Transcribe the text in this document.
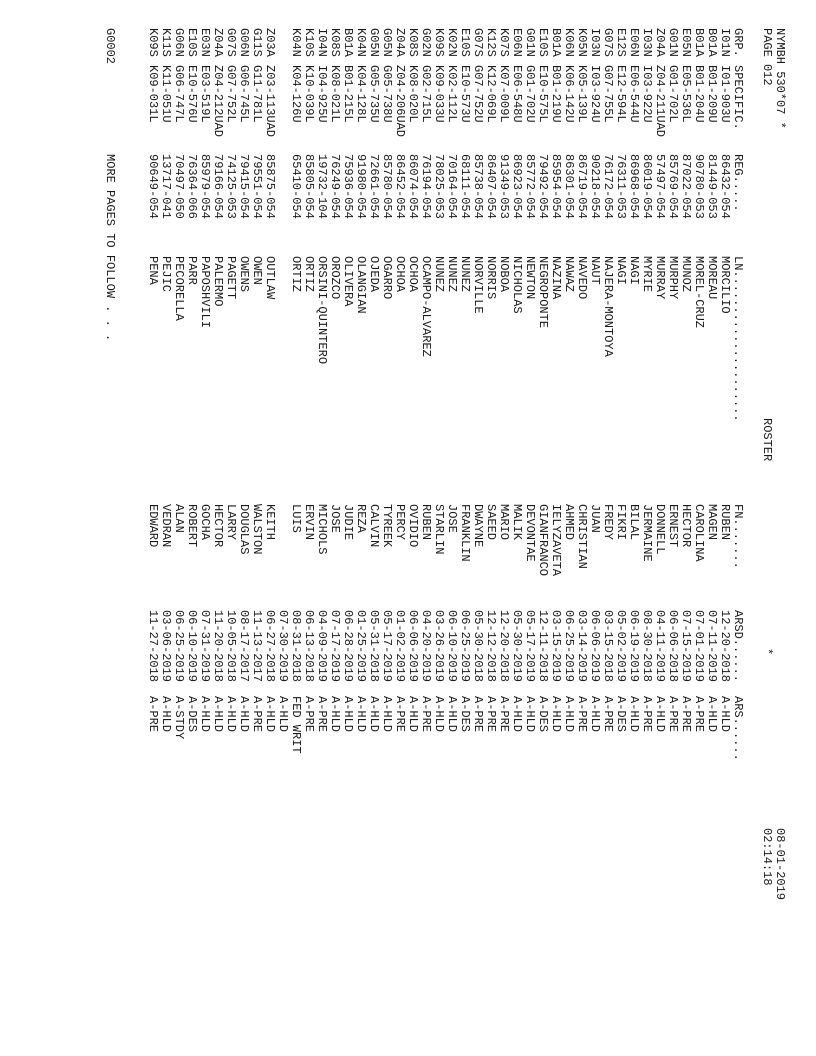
NYMBH 530*07 *
PAGE 012
ROSTER
*
08-01-2019
02:14:18

GRP.

SPECIFIC.

REG.....

LN.....................

FN.......

ARSD......

ARS......

I01N
I01-903U
86432-054
MORCILIO
RUBEN
12-20-2018
A-HLD
B01A
B01-209U
81449-053
MOREAU
MAGEN
07-11-2019
A-HLD
B01A
B01-204U
90780-053
MOREL-CRUZ
CAROLINA
07-01-2019
A-PRE
E05N
E05-536L
87022-054
MUNOZ
HECTOR
07-15-2019
A-PRE
G01N
G01-702L
85769-054
MURPHY
ERNEST
06-06-2018
A-PRE
Z04A
Z04-211UAD
57497-054
MURRAY
DONNELL
04-11-2019
A-HLD
I03N
I03-922U
86019-054
MYRIE
JERMAINE
08-30-2018
A-PRE
E06N
E06-544U
86968-054
NAGI
BILAL
06-19-2019
A-HLD
E12S
E12-594L
76311-053
NAGI
FIKRI
05-02-2019
A-DES
G07S
G07-755L
76172-054
NAJERA-MONTOYA
FREDY
03-15-2018
A-PRE
I03N
I03-924U
90218-054
NAUT
JUAN
06-06-2019
A-HLD
K05N
K05-139L
86719-054
NAVEDO
CHRISTIAN
03-14-2019
A-PRE
K06N
K06-142U
86301-054
NAWAZ
AHMED
06-25-2019
A-HLD
B01A
B01-219U
85954-054
NAZINA
IELYZAVETA
03-15-2019
A-HLD
E10S
E10-575L
79492-054
NEGROPONTE
GIANFRANCO
12-11-2018
A-DES
G01N
G01-702U
85772-054
NEWTON
DEVONTAE
05-17-2019
A-HLD
E06N
E06-548U
86923-054
NICHOLAS
MALIK
05-30-2019
A-HLD
K07S
K07-009L
91349-053
NOBOA
MARIO
12-20-2018
A-PRE
K12S
K12-069L
86407-054
NORRIS
SAEED
12-12-2018
A-PRE
G07S
G07-752U
85738-054
NORVILLE
DWAYNE
05-30-2018
A-PRE
E10S
E10-573U
68111-054
NUNEZ
FRANKLIN
06-25-2019
A-DES
K02N
K02-112L
70164-054
NUNEZ
JOSE
06-10-2019
A-HLD
K09S
K09-033U
78025-053
NUNEZ
STARLIN
03-26-2019
A-HLD
G02N
G02-715L
76194-054
OCAMPO-ALVAREZ
RUBEN
04-20-2019
A-PRE
K08S
K08-020L
86074-054
OCHOA
OVIDIO
06-06-2019
A-HLD
Z04A
Z04-206UAD
86452-054
OCHOA
PERCY
01-02-2019
A-PRE
G05N
G05-738U
85780-054
OGARRO
TYREEK
05-17-2019
A-HLD
G05N
G05-735U
72661-054
OJEDA
CALVIN
05-31-2018
A-HLD
K04N
K04-128L
91980-054
OLANGIAN
REZA
01-25-2019
A-HLD
B01A
B01-215L
75936-054
OLIVERA
JUDIE
06-28-2019
A-HLD
K08S
K08-021L
76249-054
OROZCO
JOSE
07-17-2019
A-HLD
I04N
I04-925U
19732-104
ORSINI-QUINTERO
MICHOLS
04-09-2019
A-PRE
K10S
K10-039L
85805-054
ORTIZ
ERVIN
06-13-2018
A-PRE
K04N
K04-126U
65410-054
ORTIZ
LUIS
08-31-2018
FED WRIT
07-30-2019
A-HLD
Z03A
Z03-113UAD
85875-054
OUTLAW
KEITH
06-27-2018
A-HLD
G11S
G11-781L
79551-054
OWEN
WALSTON
11-13-2017
A-PRE
G06N
G06-745L
79415-054
OWENS
DOUGLAS
08-17-2017
A-HLD
G07S
G07-752L
74125-053
PAGETT
LARRY
10-05-2018
A-HLD
Z04A
Z04-212UAD
79166-054
PALERMO
HECTOR
11-20-2018
A-HLD
E03N
E03-519L
85979-054
PAPOSHVILI
GOCHA
07-31-2019
A-HLD
E10S
E10-576U
76364-066
PARR
ROBERT
06-10-2019
A-DES
G06N
G06-747L
70497-050
PECORELLA
ALAN
06-25-2019
A-STDY
K11S
K11-051U
13717-041
PEJIC
VEDRAN
03-06-2019
A-HLD
K09S
K09-031L
90649-054
PENA
EDWARD
11-27-2018
A-PRE
G0002
MORE PAGES TO FOLLOW . . .
